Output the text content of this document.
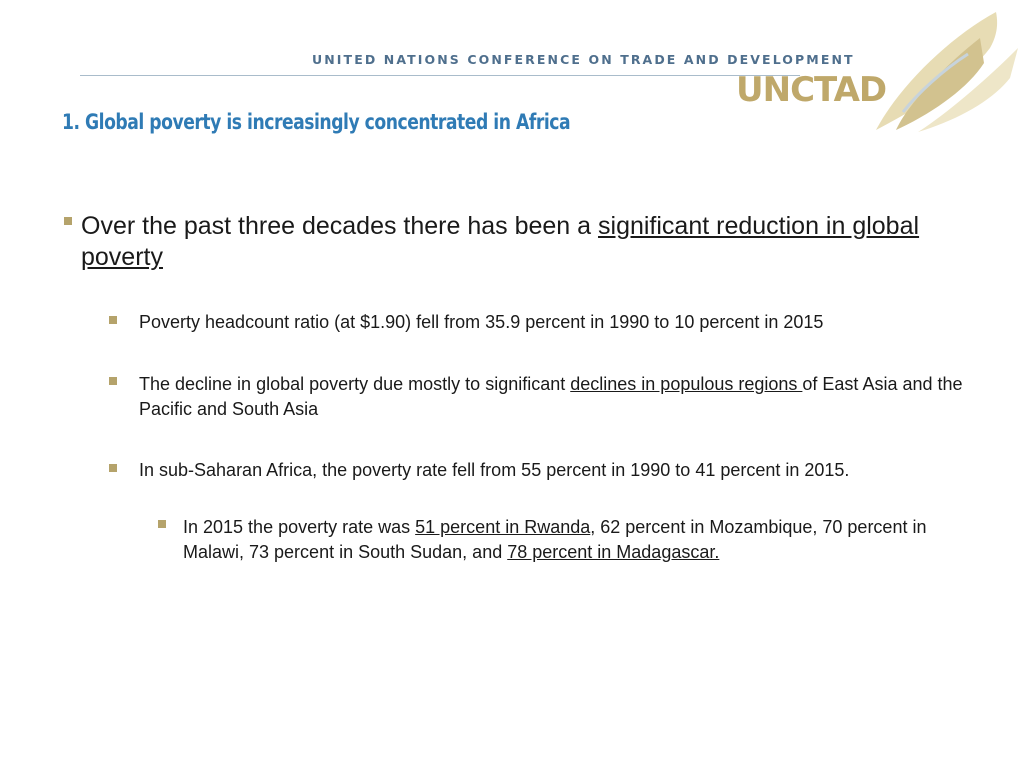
UNITED NATIONS CONFERENCE ON TRADE AND DEVELOPMENT
UNCTAD
1. Global poverty is increasingly concentrated in Africa
Over the past three decades there has been a significant reduction in global poverty
Poverty headcount ratio (at $1.90) fell from 35.9 percent in 1990 to 10 percent in 2015
The decline in global poverty due mostly to significant declines in populous regions of East Asia and the Pacific and South Asia
In sub-Saharan Africa, the poverty rate fell from 55 percent in 1990 to 41 percent in 2015.
In 2015 the poverty rate was 51 percent in Rwanda, 62 percent in Mozambique, 70 percent in Malawi, 73 percent in South Sudan, and 78 percent in Madagascar.
